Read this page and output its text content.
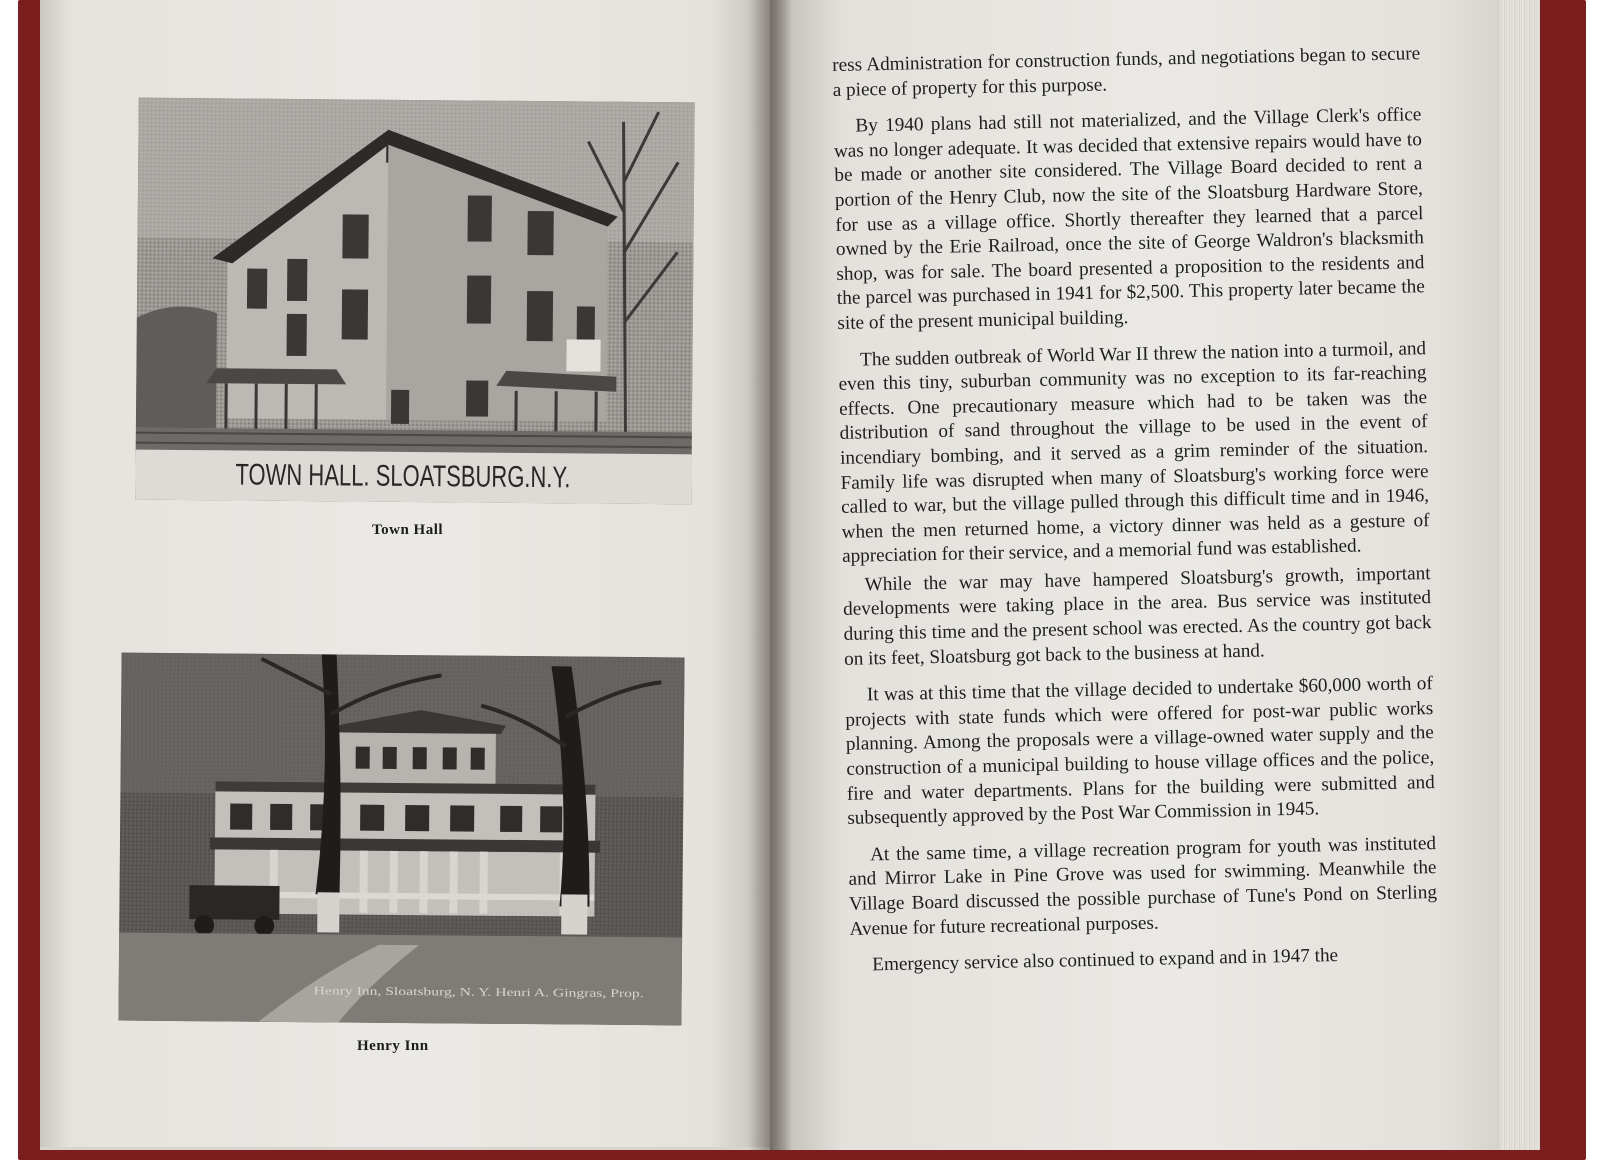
TOWN HALL. SLOATSBURG.N.Y.
Town Hall
Henry Inn, Sloatsburg, N. Y. Henri A. Gingras, Prop.
Henry Inn

ress Administration for construction funds, and negotiations began to secure a piece of property for this purpose.

By 1940 plans had still not materialized, and the Village Clerk's office was no longer adequate. It was decided that extensive repairs would have to be made or another site considered. The Village Board decided to rent a portion of the Henry Club, now the site of the Sloatsburg Hardware Store, for use as a village office. Shortly thereafter they learned that a parcel owned by the Erie Railroad, once the site of George Waldron's blacksmith shop, was for sale. The board presented a proposition to the residents and the parcel was purchased in 1941 for $2,500. This property later became the site of the present municipal building.

The sudden outbreak of World War II threw the nation into a turmoil, and even this tiny, suburban community was no exception to its far-reaching effects. One precautionary measure which had to be taken was the distribution of sand throughout the village to be used in the event of incendiary bombing, and it served as a grim reminder of the situation. Family life was disrupted when many of Sloatsburg's working force were called to war, but the village pulled through this difficult time and in 1946, when the men returned home, a victory dinner was held as a gesture of appreciation for their service, and a memorial fund was established.

While the war may have hampered Sloatsburg's growth, important developments were taking place in the area. Bus service was instituted during this time and the present school was erected. As the country got back on its feet, Sloatsburg got back to the business at hand.

It was at this time that the village decided to undertake $60,000 worth of projects with state funds which were offered for post-war public works planning. Among the proposals were a village-owned water supply and the construction of a municipal building to house village offices and the police, fire and water departments. Plans for the building were submitted and subsequently approved by the Post War Commission in 1945.

At the same time, a village recreation program for youth was instituted and Mirror Lake in Pine Grove was used for swimming. Meanwhile the Village Board discussed the possible purchase of Tune's Pond on Sterling Avenue for future recreational purposes.

Emergency service also continued to expand and in 1947 the
